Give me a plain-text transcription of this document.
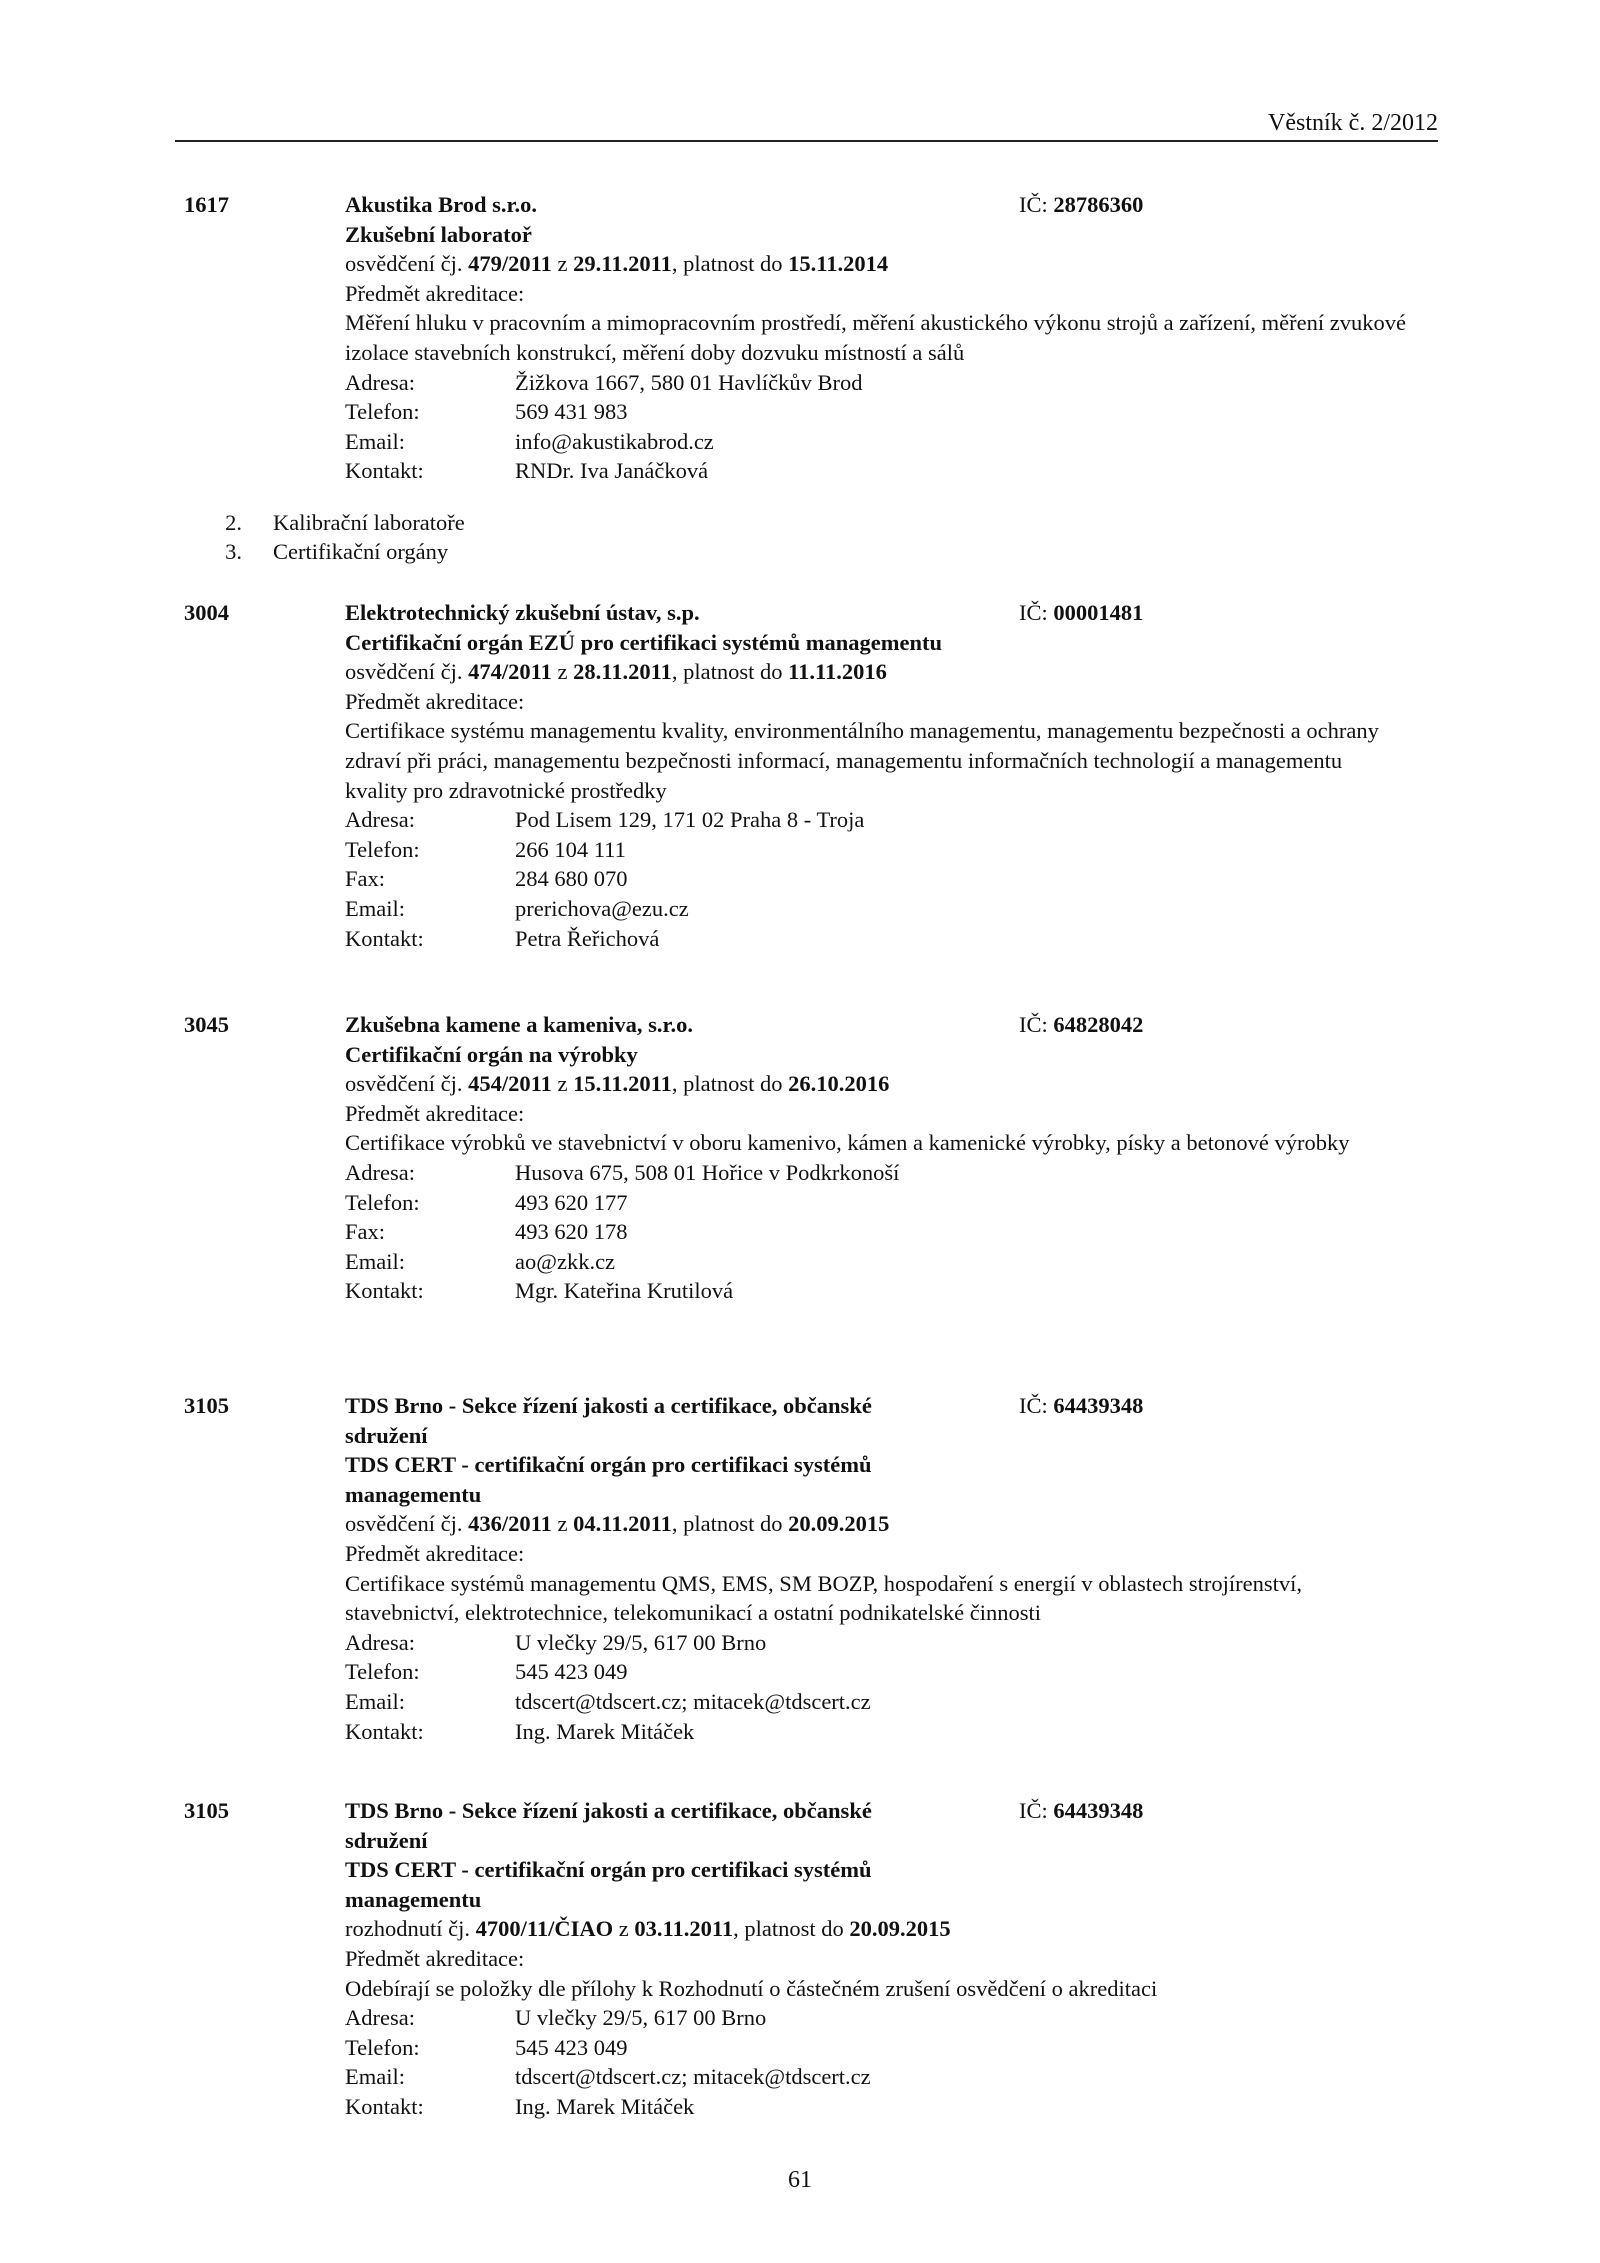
Věstník č. 2/2012
1617	IČ: 28786360
Akustika Brod s.r.o.
Zkušební laboratoř
osvědčení čj. 479/2011 z 29.11.2011, platnost do 15.11.2014
Předmět akreditace:
Měření hluku v pracovním a mimopracovním prostředí, měření akustického výkonu strojů a zařízení, měření zvukové izolace stavebních konstrukcí, měření doby dozvuku místností a sálů
Adresa:	Žižkova 1667, 580 01 Havlíčkův Brod
Telefon:	569 431 983
Email:	info@akustikabrod.cz
Kontakt:	RNDr. Iva Janáčková
2. Kalibrační laboratoře
3. Certifikační orgány
3004	IČ: 00001481
Elektrotechnický zkušební ústav, s.p.
Certifikační orgán EZÚ pro certifikaci systémů managementu
osvědčení čj. 474/2011 z 28.11.2011, platnost do 11.11.2016
Předmět akreditace:
Certifikace systému managementu kvality, environmentálního managementu, managementu bezpečnosti a ochrany zdraví při práci, managementu bezpečnosti informací, managementu informačních technologií a managementu kvality pro zdravotnické prostředky
Adresa:	Pod Lisem 129, 171 02 Praha 8 - Troja
Telefon:	266 104 111
Fax:	284 680 070
Email:	prerichova@ezu.cz
Kontakt:	Petra Řeřichová
3045	IČ: 64828042
Zkušebna kamene a kameniva, s.r.o.
Certifikační orgán na výrobky
osvědčení čj. 454/2011 z 15.11.2011, platnost do 26.10.2016
Předmět akreditace:
Certifikace výrobků ve stavebnictví v oboru kamenivo, kámen a kamenické výrobky, písky a betonové výrobky
Adresa:	Husova 675, 508 01 Hořice v Podkrkonoší
Telefon:	493 620 177
Fax:	493 620 178
Email:	ao@zkk.cz
Kontakt:	Mgr. Kateřina Krutilová
3105	IČ: 64439348
TDS Brno - Sekce řízení jakosti a certifikace, občanské sdružení
TDS CERT - certifikační orgán pro certifikaci systémů managementu
osvědčení čj. 436/2011 z 04.11.2011, platnost do 20.09.2015
Předmět akreditace:
Certifikace systémů managementu QMS, EMS, SM BOZP, hospodaření s energií v oblastech strojírenství, stavebnictví, elektrotechnice, telekomunikací a ostatní podnikatelské činnosti
Adresa:	U vlečky 29/5, 617 00 Brno
Telefon:	545 423 049
Email:	tdscert@tdscert.cz; mitacek@tdscert.cz
Kontakt:	Ing. Marek Mitáček
3105	IČ: 64439348
TDS Brno - Sekce řízení jakosti a certifikace, občanské sdružení
TDS CERT - certifikační orgán pro certifikaci systémů managementu
rozhodnutí čj. 4700/11/ČIAO z 03.11.2011, platnost do 20.09.2015
Předmět akreditace:
Odebírají se položky dle přílohy k Rozhodnutí o částečném zrušení osvědčení o akreditaci
Adresa:	U vlečky 29/5, 617 00 Brno
Telefon:	545 423 049
Email:	tdscert@tdscert.cz; mitacek@tdscert.cz
Kontakt:	Ing. Marek Mitáček
61
